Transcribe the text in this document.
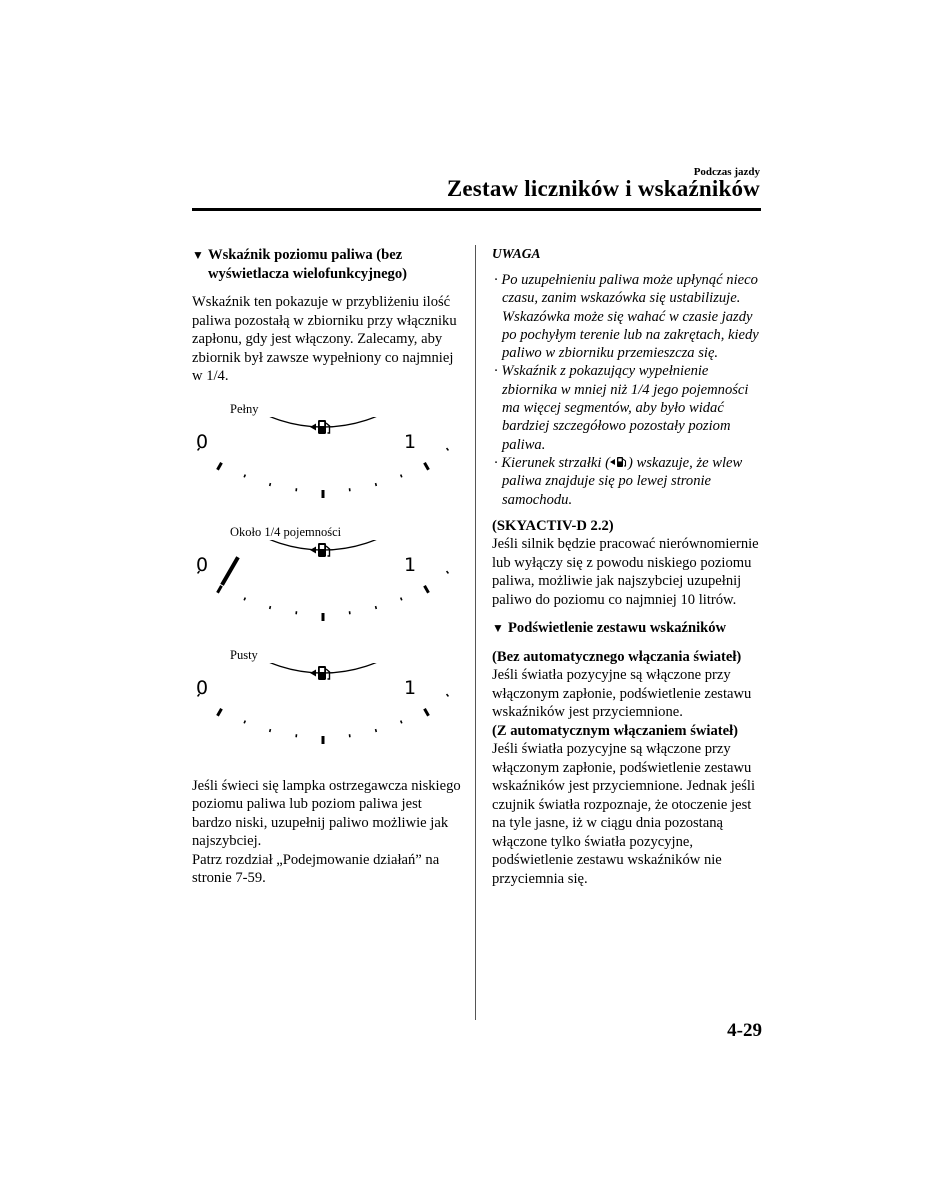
Podczas jazdy
Zestaw liczników i wskaźników
▼ Wskaźnik poziomu paliwa (bez wyświetlacza wielofunkcyjnego)

Wskaźnik ten pokazuje w przybliżeniu ilość paliwa pozostałą w zbiorniku przy włączniku zapłonu, gdy jest włączony. Zalecamy, aby zbiornik był zawsze wypełniony co najmniej w 1/4.

Pełny

0	1

Około 1/4 pojemności

0	1

Pusty

0	1

Jeśli świeci się lampka ostrzegawcza niskiego poziomu paliwa lub poziom paliwa jest bardzo niski, uzupełnij paliwo możliwie jak najszybciej.

Patrz rozdział „Podejmowanie działań” na stronie 7-59.

UWAGA

· Po uzupełnieniu paliwa może upłynąć nieco czasu, zanim wskazówka się ustabilizuje. Wskazówka może się wahać w czasie jazdy po pochyłym terenie lub na zakrętach, kiedy paliwo w zbiorniku przemieszcza się.
· Wskaźnik z pokazujący wypełnienie zbiornika w mniej niż 1/4 jego pojemności ma więcej segmentów, aby było widać bardziej szczegółowo pozostały poziom paliwa.
· Kierunek strzałki ( ) wskazuje, że wlew paliwa znajduje się po lewej stronie samochodu.

(SKYACTIV-D 2.2)

Jeśli silnik będzie pracować nierównomiernie lub wyłączy się z powodu niskiego poziomu paliwa, możliwie jak najszybciej uzupełnij paliwo do poziomu co najmniej 10 litrów.

▼ Podświetlenie zestawu wskaźników

(Bez automatycznego włączania świateł)

Jeśli światła pozycyjne są włączone przy włączonym zapłonie, podświetlenie zestawu wskaźników jest przyciemnione.

(Z automatycznym włączaniem świateł)

Jeśli światła pozycyjne są włączone przy włączonym zapłonie, podświetlenie zestawu wskaźników jest przyciemnione. Jednak jeśli czujnik światła rozpoznaje, że otoczenie jest na tyle jasne, iż w ciągu dnia pozostaną włączone tylko światła pozycyjne, podświetlenie zestawu wskaźników nie przyciemnia się.

4-29
